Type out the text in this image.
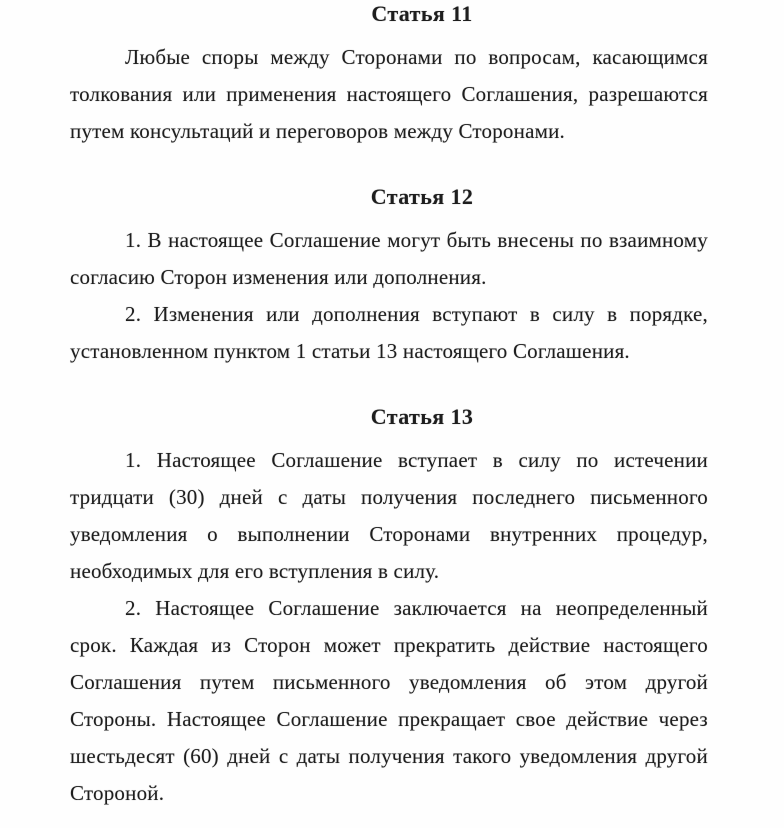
Статья 11
Любые споры между Сторонами по вопросам, касающимся
толкования или применения настоящего Соглашения, разрешаются
путем консультаций и переговоров между Сторонами.
Статья 12
1. В настоящее Соглашение могут быть внесены по взаимному
согласию Сторон изменения или дополнения.
2. Изменения или дополнения вступают в силу в порядке,
установленном пунктом 1 статьи 13 настоящего Соглашения.
Статья 13
1. Настоящее Соглашение вступает в силу по истечении
тридцати (30) дней с даты получения последнего письменного
уведомления о выполнении Сторонами внутренних процедур,
необходимых для его вступления в силу.
2. Настоящее Соглашение заключается на неопределенный
срок. Каждая из Сторон может прекратить действие настоящего
Соглашения путем письменного уведомления об этом другой
Стороны. Настоящее Соглашение прекращает свое действие через
шестьдесят (60) дней с даты получения такого уведомления другой
Стороной.
